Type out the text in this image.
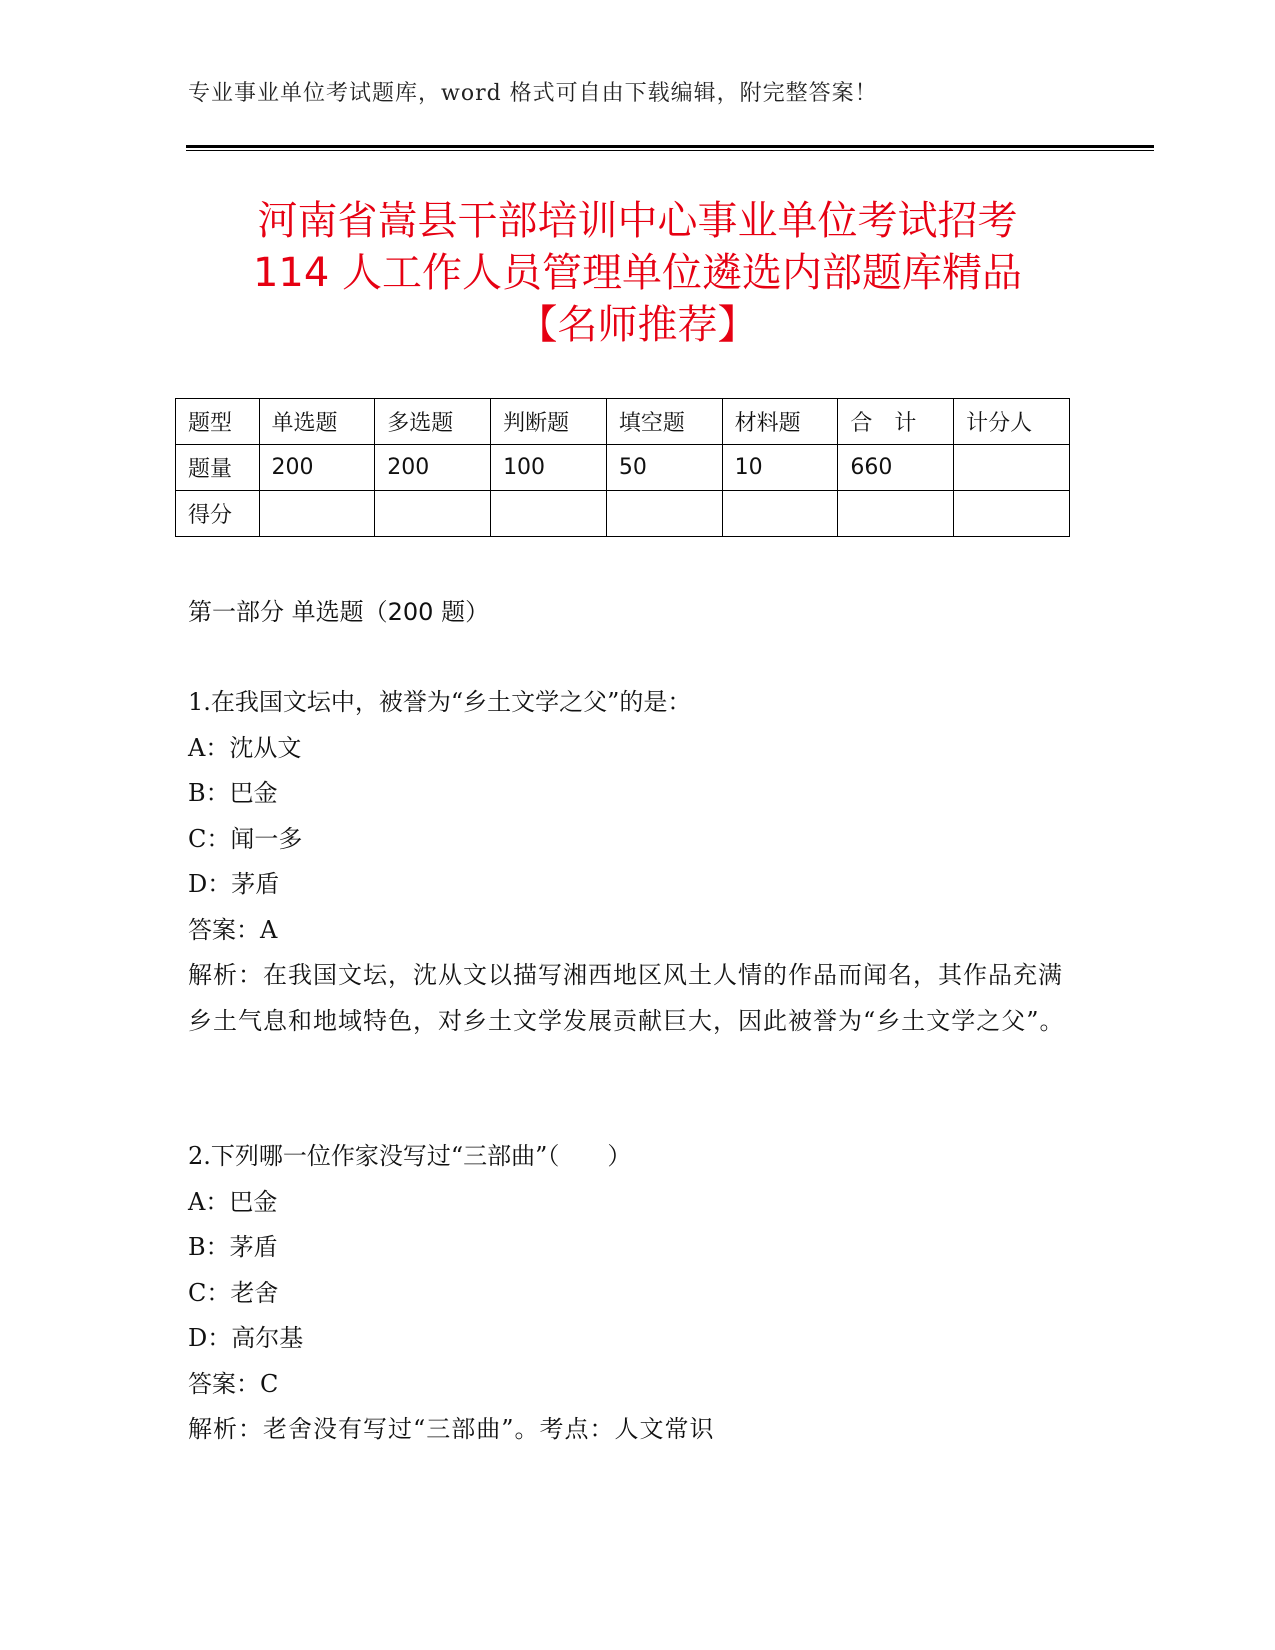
专业事业单位考试题库，word 格式可自由下载编辑，附完整答案！
河南省嵩县干部培训中心事业单位考试招考
114 人工作人员管理单位遴选内部题库精品
【名师推荐】
题型	单选题	多选题	判断题	填空题	材料题	合　计	计分人
题量	200	200	100	50	10	660	
得分							
第一部分 单选题（200 题）
1.在我国文坛中，被誉为“乡土文学之父”的是：
A：沈从文
B：巴金
C：闻一多
D：茅盾
答案：A
解析：在我国文坛，沈从文以描写湘西地区风土人情的作品而闻名，其作品充满乡土气息和地域特色，对乡土文学发展贡献巨大，因此被誉为“乡土文学之父”。
2.下列哪一位作家没写过“三部曲”（　　）
A：巴金
B：茅盾
C：老舍
D：高尔基
答案：C
解析：老舍没有写过“三部曲”。考点：人文常识
